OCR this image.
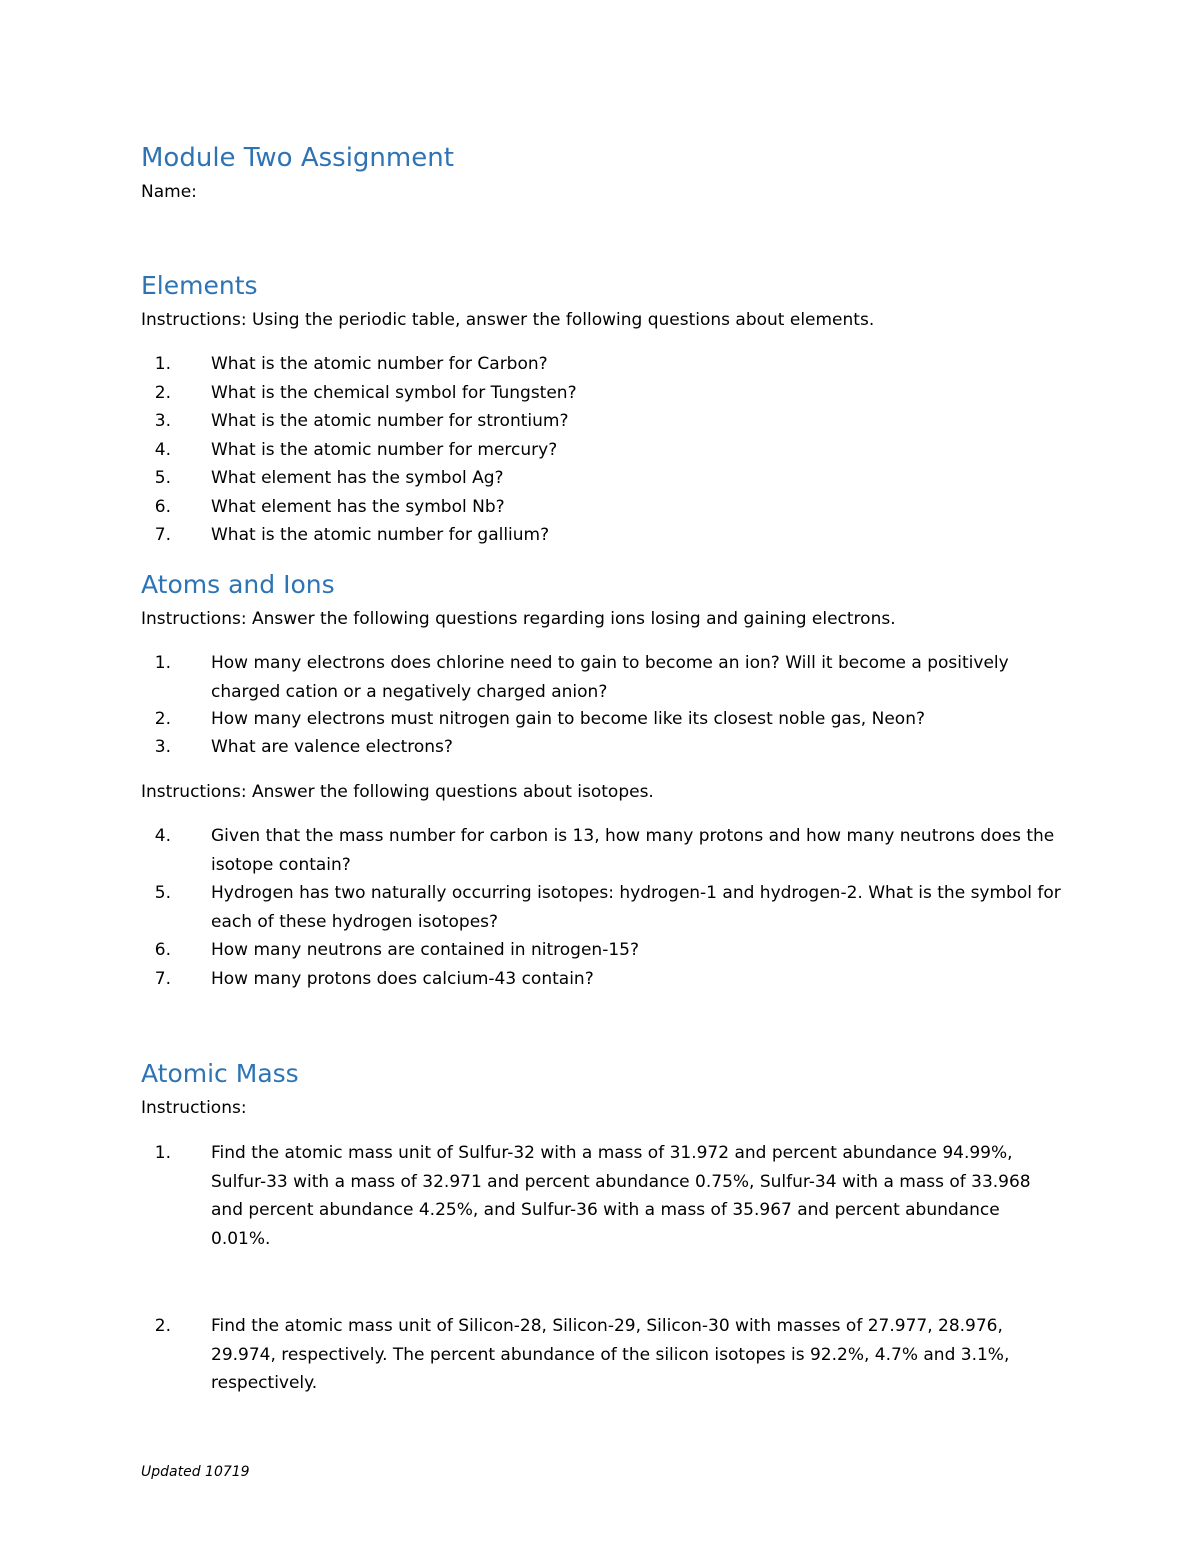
Module Two Assignment
Name:
Elements
Instructions: Using the periodic table, answer the following questions about elements.
1. What is the atomic number for Carbon?
2. What is the chemical symbol for Tungsten?
3. What is the atomic number for strontium?
4. What is the atomic number for mercury?
5. What element has the symbol Ag?
6. What element has the symbol Nb?
7. What is the atomic number for gallium?
Atoms and Ions
Instructions: Answer the following questions regarding ions losing and gaining electrons.
1. How many electrons does chlorine need to gain to become an ion? Will it become a positively charged cation or a negatively charged anion?
2. How many electrons must nitrogen gain to become like its closest noble gas, Neon?
3. What are valence electrons?
Instructions: Answer the following questions about isotopes.
4. Given that the mass number for carbon is 13, how many protons and how many neutrons does the isotope contain?
5. Hydrogen has two naturally occurring isotopes: hydrogen-1 and hydrogen-2. What is the symbol for each of these hydrogen isotopes?
6. How many neutrons are contained in nitrogen-15?
7. How many protons does calcium-43 contain?
Atomic Mass
Instructions:
1. Find the atomic mass unit of Sulfur-32 with a mass of 31.972 and percent abundance 94.99%, Sulfur-33 with a mass of 32.971 and percent abundance 0.75%, Sulfur-34 with a mass of 33.968 and percent abundance 4.25%, and Sulfur-36 with a mass of 35.967 and percent abundance 0.01%.
2. Find the atomic mass unit of Silicon-28, Silicon-29, Silicon-30 with masses of 27.977, 28.976, 29.974, respectively. The percent abundance of the silicon isotopes is 92.2%, 4.7% and 3.1%, respectively.
Updated 10719
